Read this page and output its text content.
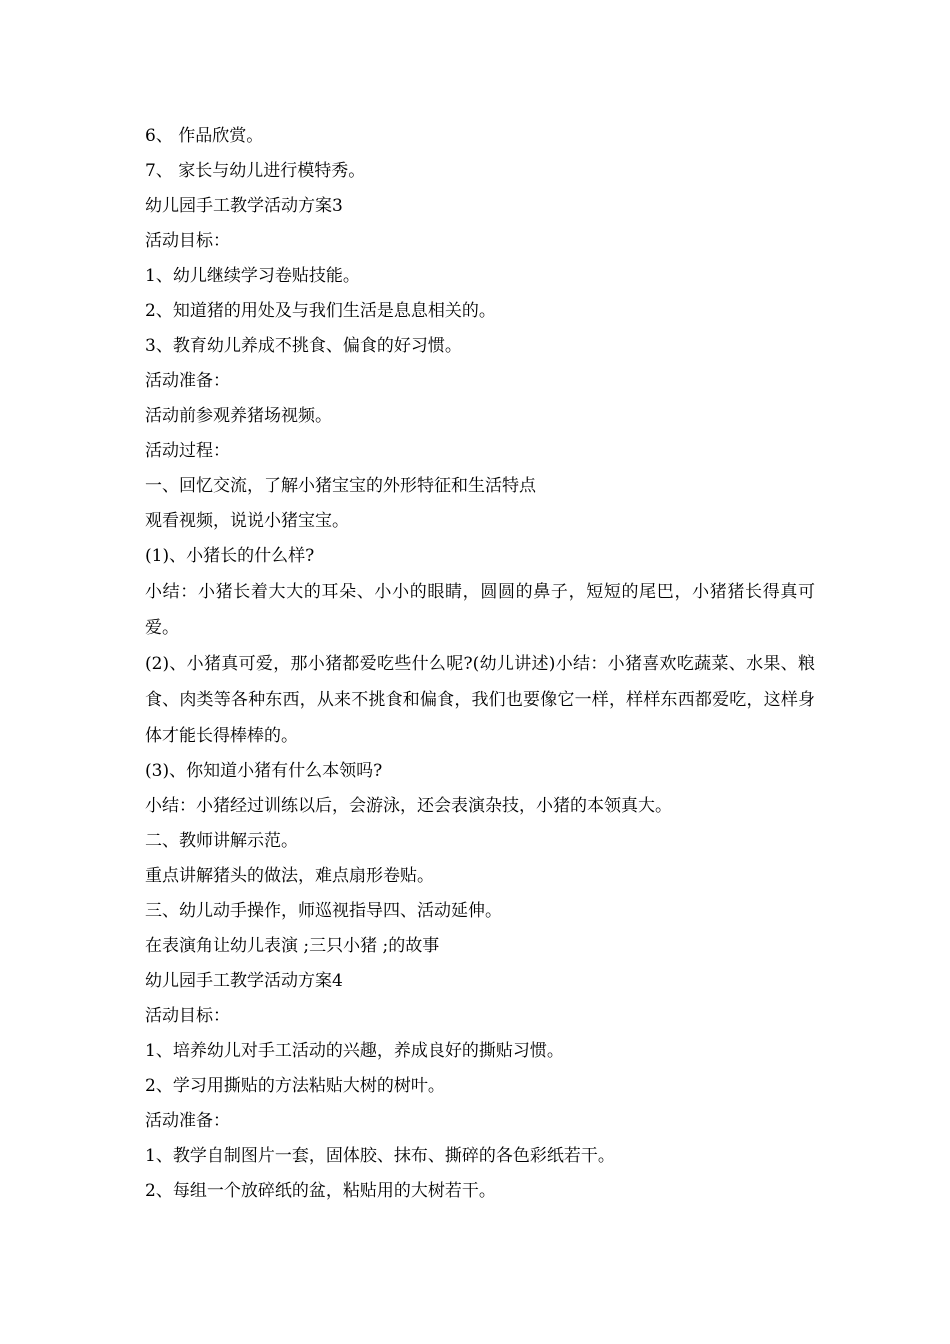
6、 作品欣赏。

7、 家长与幼儿进行模特秀。

幼儿园手工教学活动方案3

活动目标：

1、幼儿继续学习卷贴技能。

2、知道猪的用处及与我们生活是息息相关的。

3、教育幼儿养成不挑食、偏食的好习惯。

活动准备：

活动前参观养猪场视频。

活动过程：

一、回忆交流，了解小猪宝宝的外形特征和生活特点

观看视频，说说小猪宝宝。

(1)、小猪长的什么样?

小结：小猪长着大大的耳朵、小小的眼睛，圆圆的鼻子，短短的尾巴，小猪猪长得真可爱。

(2)、小猪真可爱，那小猪都爱吃些什么呢?(幼儿讲述)小结：小猪喜欢吃蔬菜、水果、粮食、肉类等各种东西，从来不挑食和偏食，我们也要像它一样，样样东西都爱吃，这样身体才能长得棒棒的。

(3)、你知道小猪有什么本领吗?

小结：小猪经过训练以后，会游泳，还会表演杂技，小猪的本领真大。

二、教师讲解示范。

重点讲解猪头的做法，难点扇形卷贴。

三、幼儿动手操作，师巡视指导四、活动延伸。

在表演角让幼儿表演 ;三只小猪 ;的故事

幼儿园手工教学活动方案4

活动目标：

1、培养幼儿对手工活动的兴趣，养成良好的撕贴习惯。

2、学习用撕贴的方法粘贴大树的树叶。

活动准备：

1、教学自制图片一套，固体胶、抹布、撕碎的各色彩纸若干。

2、每组一个放碎纸的盆，粘贴用的大树若干。
